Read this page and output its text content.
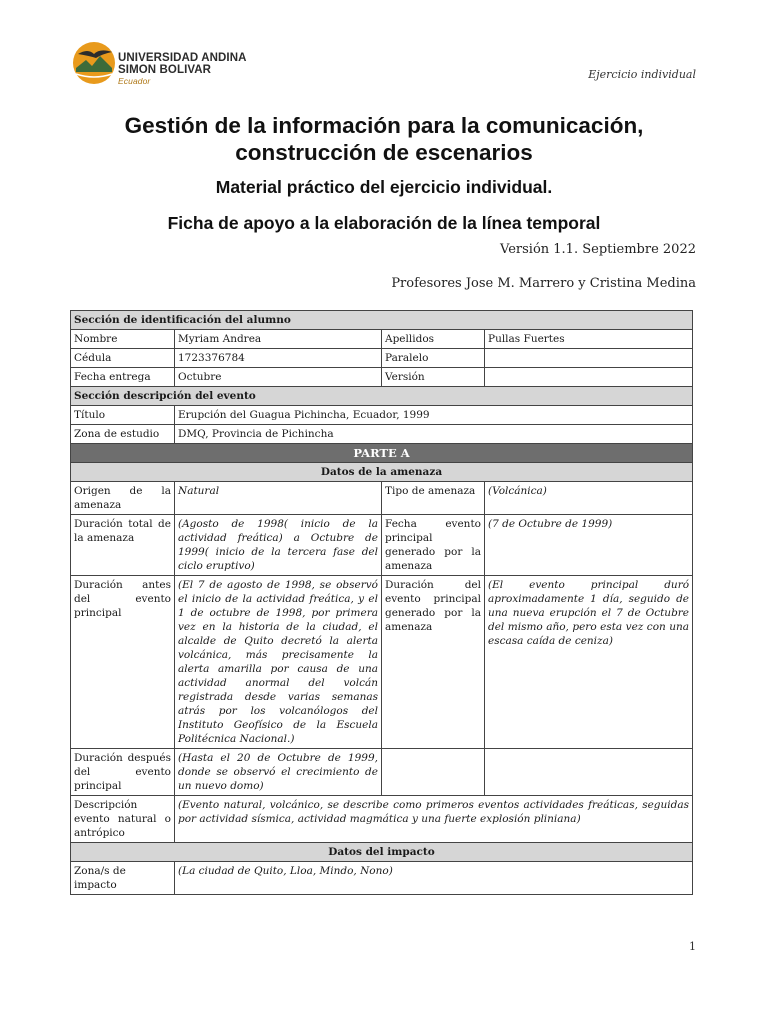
UNIVERSIDAD ANDINA
SIMON BOLIVAR
Ecuador	Ejercicio individual
Gestión de la información para la comunicación, construcción de escenarios
Material práctico del ejercicio individual.
Ficha de apoyo a la elaboración de la línea temporal
Versión 1.1. Septiembre 2022
Profesores Jose M. Marrero y Cristina Medina
Sección de identificación del alumno			
Nombre	Myriam Andrea	Apellidos	Pullas Fuertes
Cédula	1723376784	Paralelo	
Fecha entrega	Octubre	Versión	
Sección descripción del evento			
Título	Erupción del Guagua Pichincha, Ecuador, 1999		
Zona de estudio	DMQ, Provincia de Pichincha		
PARTE A			
Datos de la amenaza			
Origen de la amenaza	Natural	Tipo de amenaza	(Volcánica)
Duración total de la amenaza	(Agosto de 1998( inicio de la actividad freática) a Octubre de 1999( inicio de la tercera fase del ciclo eruptivo)	Fecha evento principal generado por la amenaza	(7 de Octubre de 1999)
Duración antes del evento principal	(El 7 de agosto de 1998, se observó el inicio de la actividad freática, y el 1 de octubre de 1998, por primera vez en la historia de la ciudad, el alcalde de Quito decretó la alerta volcánica, más precisamente la alerta amarilla por causa de una actividad anormal del volcán registrada desde varias semanas atrás por los volcanólogos del Instituto Geofísico de la Escuela Politécnica Nacional.)	Duración del evento principal generado por la amenaza	(El evento principal duró aproximadamente 1 día, seguido de una nueva erupción el 7 de Octubre del mismo año, pero esta vez con una escasa caída de ceniza)
Duración después del evento principal	(Hasta el 20 de Octubre de 1999, donde se observó el crecimiento de un nuevo domo)		
Descripción evento natural o antrópico	(Evento natural, volcánico, se describe como primeros eventos actividades freáticas, seguidas por actividad sísmica, actividad magmática y una fuerte explosión pliniana)		
Datos del impacto			
Zona/s de impacto	(La ciudad de Quito, Lloa, Mindo, Nono)		
1
